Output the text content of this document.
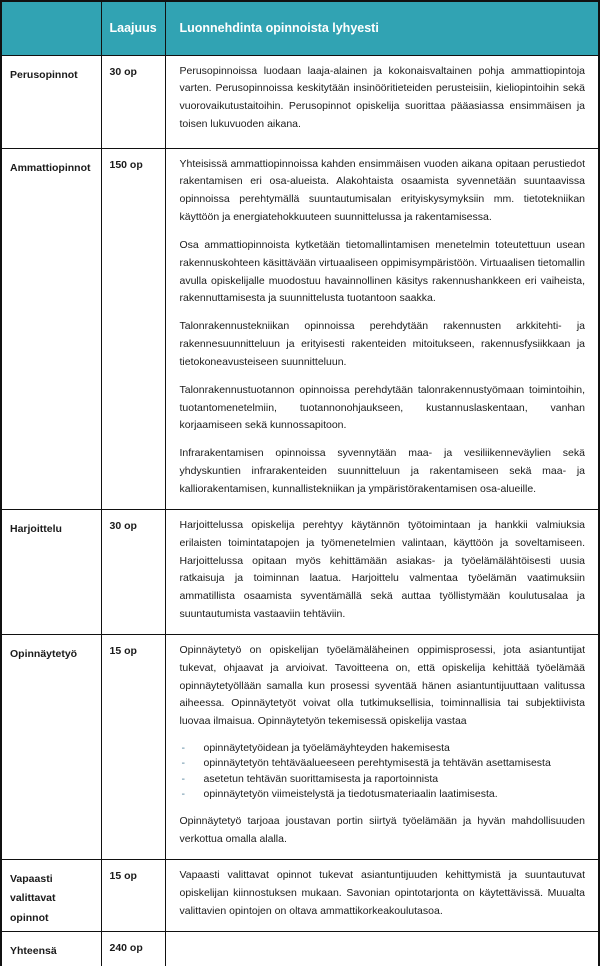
	Laajuus	Luonnehdinta opinnoista lyhyesti
Perusopinnot	30 op	Perusopinnoissa luodaan laaja-alainen ja kokonaisvaltainen pohja ammattiopintoja varten. Perusopinnoissa keskitytään insinööritieteiden perusteisiin, kieliopintoihin sekä vuorovaikutustaitoihin. Perusopinnot opiskelija suorittaa pääasiassa ensimmäisen ja toisen lukuvuoden aikana.

Ammattiopinnot	150 op	Yhteisissä ammattiopinnoissa kahden ensimmäisen vuoden aikana opitaan perustiedot rakentamisen eri osa-alueista. Alakohtaista osaamista syvennetään suuntaavissa opinnoissa perehtymällä suuntautumisalan erityiskysymyksiin mm. tietotekniikan käyttöön ja energiatehokkuuteen suunnittelussa ja rakentamisessa.

Osa ammattiopinnoista kytketään tietomallintamisen menetelmin toteutettuun usean rakennuskohteen käsittävään virtuaaliseen oppimisympäristöön. Virtuaalisen tietomallin avulla opiskelijalle muodostuu havainnollinen käsitys rakennushankkeen eri vaiheista, rakennuttamisesta ja suunnittelusta tuotantoon saakka.

Talonrakennustekniikan opinnoissa perehdytään rakennusten arkkitehti- ja rakennesuunnitteluun ja erityisesti rakenteiden mitoitukseen, rakennusfysiikkaan ja tietokoneavusteiseen suunnitteluun.

Talonrakennustuotannon opinnoissa perehdytään talonrakennustyömaan toimintoihin, tuotantomenetelmiin, tuotannonohjaukseen, kustannuslaskentaan, vanhan korjaamiseen sekä kunnossapitoon.

Infrarakentamisen opinnoissa syvennytään maa- ja vesiliikenneväylien sekä yhdyskuntien infrarakenteiden suunnitteluun ja rakentamiseen sekä maa- ja kalliorakentamisen, kunnallistekniikan ja ympäristörakentamisen osa-alueille.

Harjoittelu	30 op	Harjoittelussa opiskelija perehtyy käytännön työtoimintaan ja hankkii valmiuksia erilaisten toimintatapojen ja työmenetelmien valintaan, käyttöön ja soveltamiseen. Harjoittelussa opitaan myös kehittämään asiakas- ja työelämälähtöisesti uusia ratkaisuja ja toiminnan laatua. Harjoittelu valmentaa työelämän vaatimuksiin ammatillista osaamista syventämällä sekä auttaa työllistymään koulutusalaa ja suuntautumista vastaaviin tehtäviin.

Opinnäytetyö	15 op	Opinnäytetyö on opiskelijan työelämäläheinen oppimisprosessi, jota asiantuntijat tukevat, ohjaavat ja arvioivat. Tavoitteena on, että opiskelija kehittää työelämää opinnäytetyöllään samalla kun prosessi syventää hänen asiantuntijuuttaan valitussa aiheessa. Opinnäytetyöt voivat olla tutkimuksellisia, toiminnallisia tai subjektiivista luovaa ilmaisua. Opinnäytetyön tekemisessä opiskelija vastaa

-	opinnäytetyöidean ja työelämäyhteyden hakemisesta
-	opinnäytetyön tehtäväalueeseen perehtymisestä ja tehtävän asettamisesta
-	asetetun tehtävän suorittamisesta ja raportoinnista
-	opinnäytetyön viimeistelystä ja tiedotusmateriaalin laatimisesta.

Opinnäytetyö tarjoaa joustavan portin siirtyä työelämään ja hyvän mahdollisuuden verkottua omalla alalla.

Vapaasti valittavat opinnot	15 op	Vapaasti valittavat opinnot tukevat asiantuntijuuden kehittymistä ja suuntautuvat opiskelijan kiinnostuksen mukaan. Savonian opintotarjonta on käytettävissä. Muualta valittavien opintojen on oltava ammattikorkeakoulutasoa.

Yhteensä	240 op	
